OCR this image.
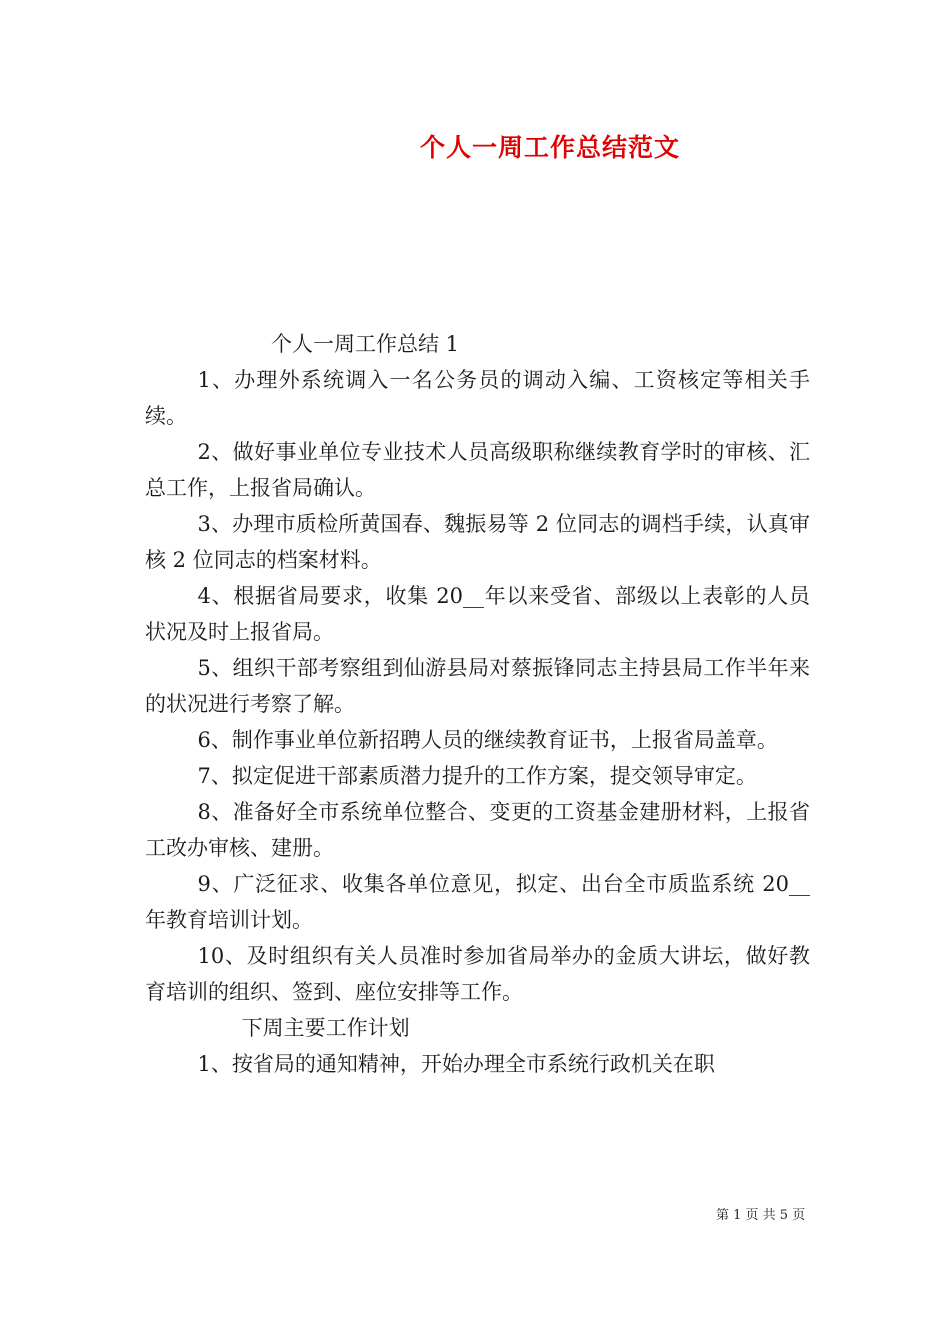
个人一周工作总结范文

个人一周工作总结 1

1、办理外系统调入一名公务员的调动入编、工资核定等相关手续。

2、做好事业单位专业技术人员高级职称继续教育学时的审核、汇总工作，上报省局确认。

3、办理市质检所黄国春、魏振易等 2 位同志的调档手续，认真审核 2 位同志的档案材料。

4、根据省局要求，收集 20__年以来受省、部级以上表彰的人员状况及时上报省局。

5、组织干部考察组到仙游县局对蔡振锋同志主持县局工作半年来的状况进行考察了解。

6、制作事业单位新招聘人员的继续教育证书，上报省局盖章。

7、拟定促进干部素质潜力提升的工作方案，提交领导审定。

8、准备好全市系统单位整合、变更的工资基金建册材料，上报省工改办审核、建册。

9、广泛征求、收集各单位意见，拟定、出台全市质监系统 20__年教育培训计划。

10、及时组织有关人员准时参加省局举办的金质大讲坛，做好教育培训的组织、签到、座位安排等工作。

下周主要工作计划

1、按省局的通知精神，开始办理全市系统行政机关在职

第 1 页 共 5 页
